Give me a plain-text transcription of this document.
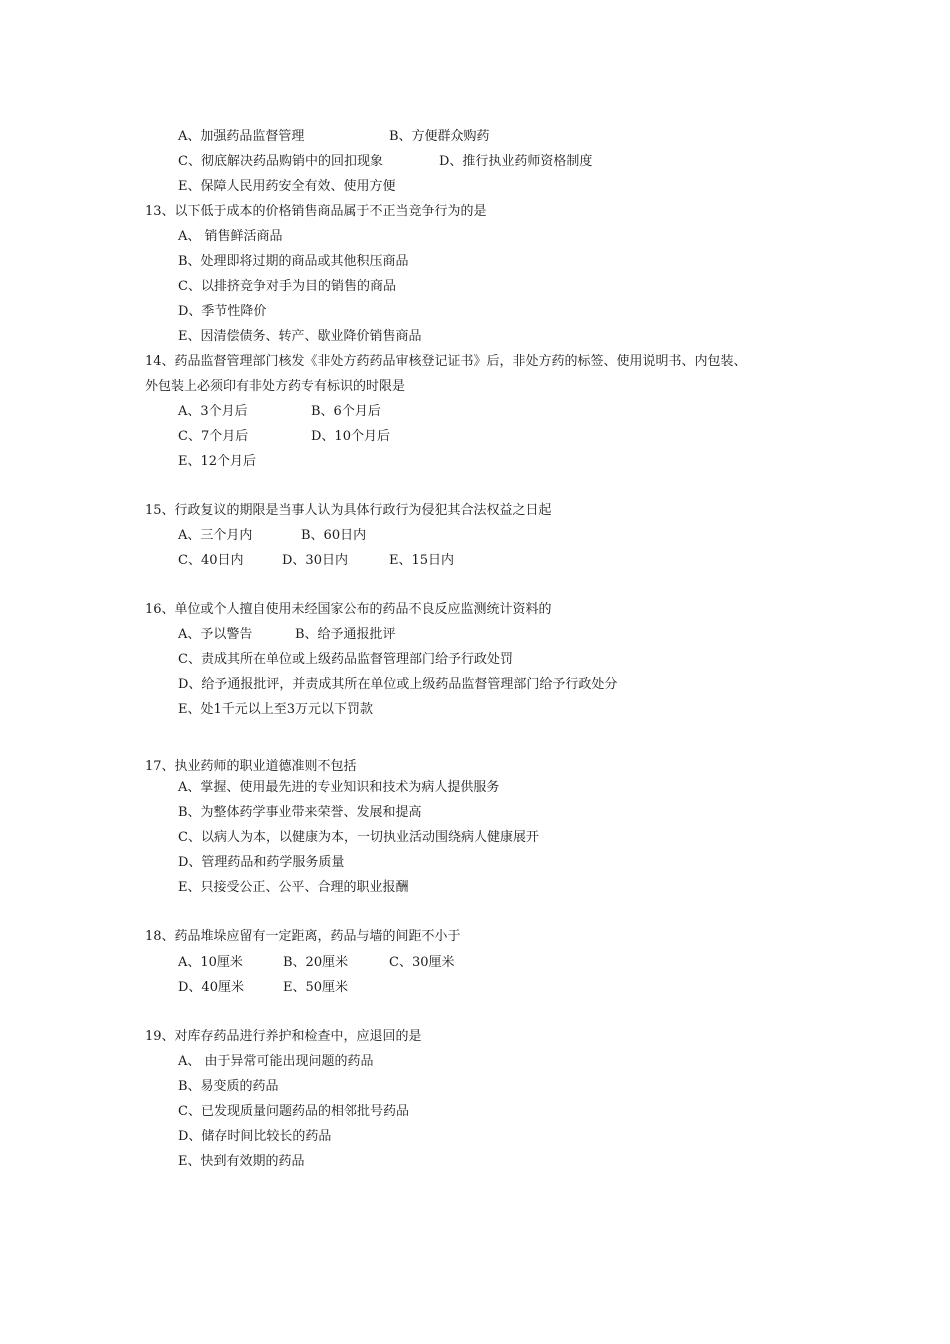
A、加强药品监督管理	B、方便群众购药
C、彻底解决药品购销中的回扣现象	D、推行执业药师资格制度
E、保障人民用药安全有效、使用方便
13、以下低于成本的价格销售商品属于不正当竞争行为的是
A、 销售鲜活商品
B、处理即将过期的商品或其他积压商品
C、以排挤竞争对手为目的销售的商品
D、季节性降价
E、因清偿债务、转产、歇业降价销售商品
14、药品监督管理部门核发《非处方药药品审核登记证书》后，非处方药的标签、使用说明书、内包装、
外包装上必须印有非处方药专有标识的时限是
A、3个月后	B、6个月后
C、7个月后	D、10个月后
E、12个月后
15、行政复议的期限是当事人认为具体行政行为侵犯其合法权益之日起
A、三个月内	B、60日内
C、40日内	D、30日内	E、15日内
16、单位或个人擅自使用未经国家公布的药品不良反应监测统计资料的
A、予以警告	B、给予通报批评
C、责成其所在单位或上级药品监督管理部门给予行政处罚
D、给予通报批评，并责成其所在单位或上级药品监督管理部门给予行政处分
E、处1千元以上至3万元以下罚款
17、执业药师的职业道德准则不包括
A、掌握、使用最先进的专业知识和技术为病人提供服务
B、为整体药学事业带来荣誉、发展和提高
C、以病人为本，以健康为本，一切执业活动围绕病人健康展开
D、管理药品和药学服务质量
E、只接受公正、公平、合理的职业报酬
18、药品堆垛应留有一定距离，药品与墙的间距不小于
A、10厘米	B、20厘米	C、30厘米
D、40厘米	E、50厘米
19、对库存药品进行养护和检查中，应退回的是
A、 由于异常可能出现问题的药品
B、易变质的药品
C、已发现质量问题药品的相邻批号药品
D、储存时间比较长的药品
E、快到有效期的药品
